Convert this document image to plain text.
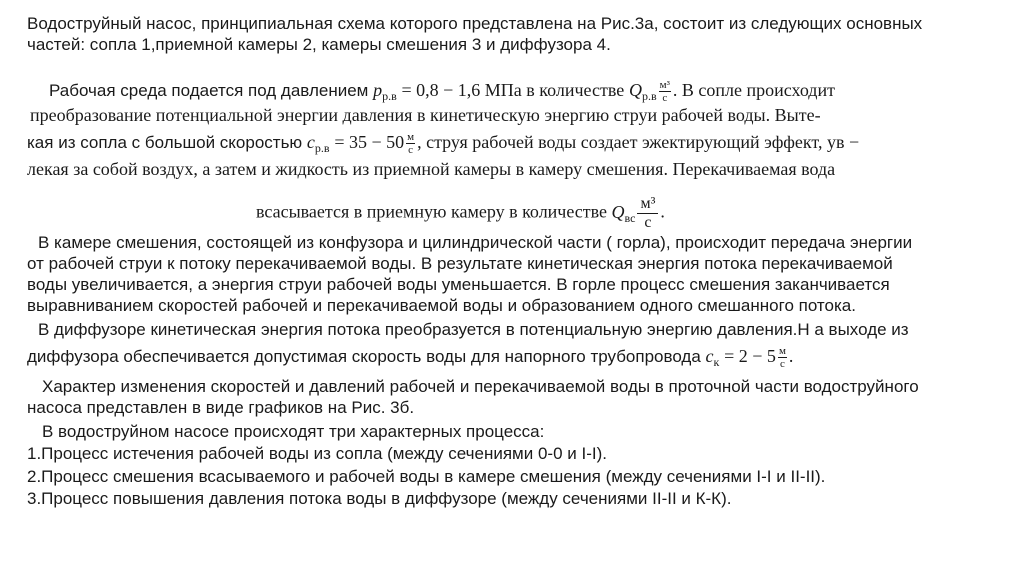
Водоструйный насос, принципиальная схема которого представлена на Рис.3а, состоит из следующих основных
частей: сопла 1,приемной камеры 2, камеры смешения 3 и диффузора 4.
Рабочая среда подается под давлением $p_{р.в} = 0,8 - 1,6$ МПа в количестве $Q_{р.в} \frac{\text{м³}}{с}$ . В сопле происходит
преобразование потенциальной энергии давления в кинетическую энергию струи рабочей воды. Выте-
кая из сопла с большой скоростью $c_{р.в} = 35 - 50 \frac{м}{с}$ , струя рабочей воды создает эжектирующий эффект, ув −
лекая за собой воздух, а затем и жидкость из приемной камеры в камеру смешения. Перекачиваемая вода
всасывается в приемную камеру в количестве $Q_{вс} \frac{\text{м³}}{с}$ .
В камере смешения, состоящей из конфузора и цилиндрической части ( горла), происходит передача энергии
от рабочей струи к потоку перекачиваемой воды. В результате кинетическая энергия потока перекачиваемой
воды увеличивается, а энергия струи рабочей воды уменьшается. В горле процесс смешения заканчивается
выравниванием скоростей рабочей и перекачиваемой воды и образованием одного смешанного потока.
В диффузоре кинетическая энергия потока преобразуется в потенциальную энергию давления.Н а выходе из
диффузора обеспечивается допустимая скорость воды для напорного трубопровода $c_к = 2 - 5 \frac{м}{с}$ .
Характер изменения скоростей и давлений рабочей и перекачиваемой воды в проточной части водоструйного
насоса представлен в виде графиков на Рис. 3б.
В водоструйном насосе происходят три характерных процесса:
1.Процесс истечения рабочей воды из сопла (между сечениями 0-0 и I-I).
2.Процесс смешения всасываемого и рабочей воды в камере смешения (между сечениями I-I и II-II).
3.Процесс повышения давления потока воды в диффузоре (между сечениями II-II и К-К).
